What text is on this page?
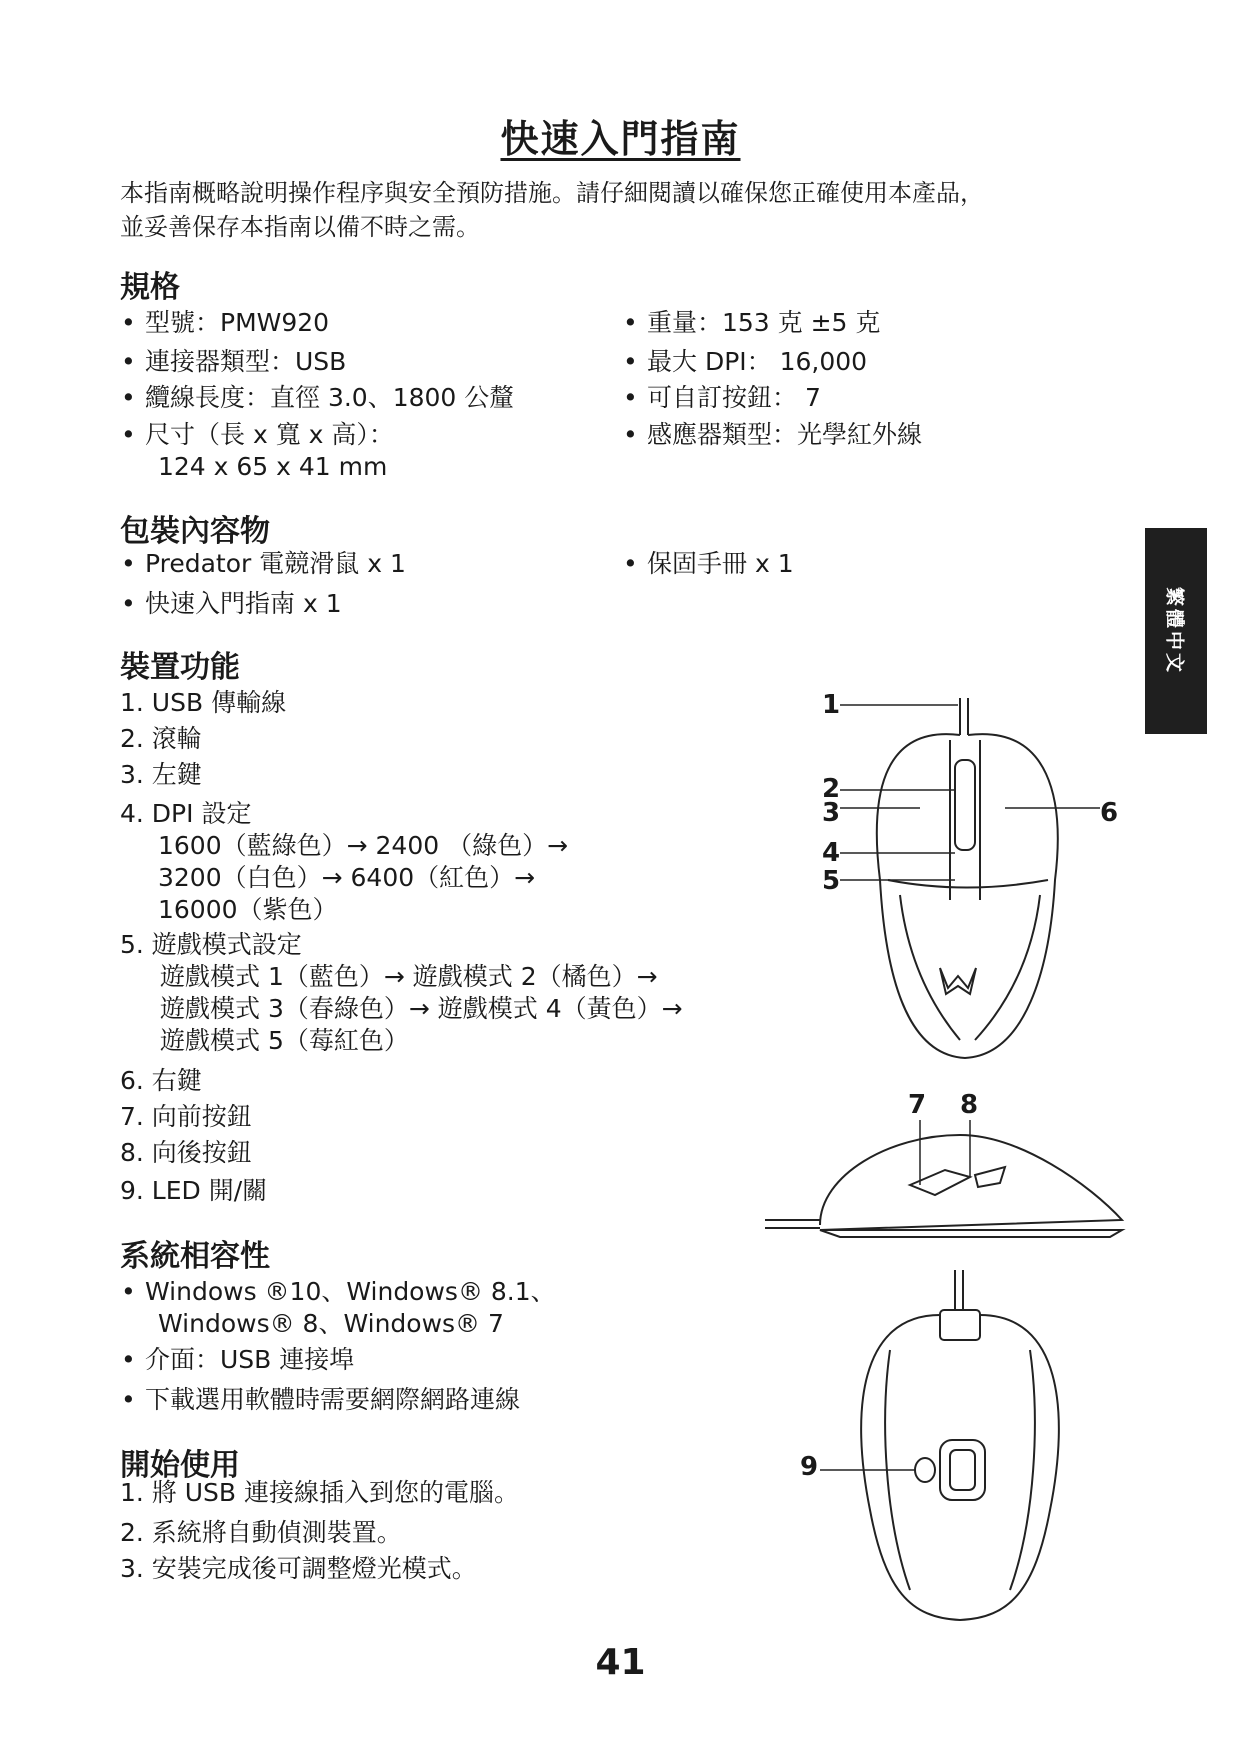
快速入門指南
本指南概略說明操作程序與安全預防措施。請仔細閱讀以確保您正確使用本產品，
並妥善保存本指南以備不時之需。
規格
• 型號：PMW920
• 連接器類型：USB
• 纜線長度：直徑 3.0、1800 公釐
• 尺寸（長 x 寬 x 高）：
124 x 65 x 41 mm
• 重量：153 克 ±5 克
• 最大 DPI： 16,000
• 可自訂按鈕： 7
• 感應器類型：光學紅外線
包裝內容物
• Predator 電競滑鼠 x 1
• 快速入門指南 x 1
• 保固手冊 x 1
裝置功能
1. USB 傳輸線
2. 滾輪
3. 左鍵
4. DPI 設定
1600（藍綠色）→ 2400 （綠色）→
3200（白色）→ 6400（紅色）→
16000（紫色）
5. 遊戲模式設定
遊戲模式 1（藍色）→ 遊戲模式 2（橘色）→
遊戲模式 3（春綠色）→ 遊戲模式 4（黃色）→
遊戲模式 5（莓紅色）
6. 右鍵
7. 向前按鈕
8. 向後按鈕
9. LED 開/關
系統相容性
• Windows ®10、Windows® 8.1、
Windows® 8、Windows® 7
• 介面：USB 連接埠
• 下載選用軟體時需要網際網路連線
開始使用
1. 將 USB 連接線插入到您的電腦。
2. 系統將自動偵測裝置。
3. 安裝完成後可調整燈光模式。
繁體中文
1
2
3
4
5
6
7 8
9
41
